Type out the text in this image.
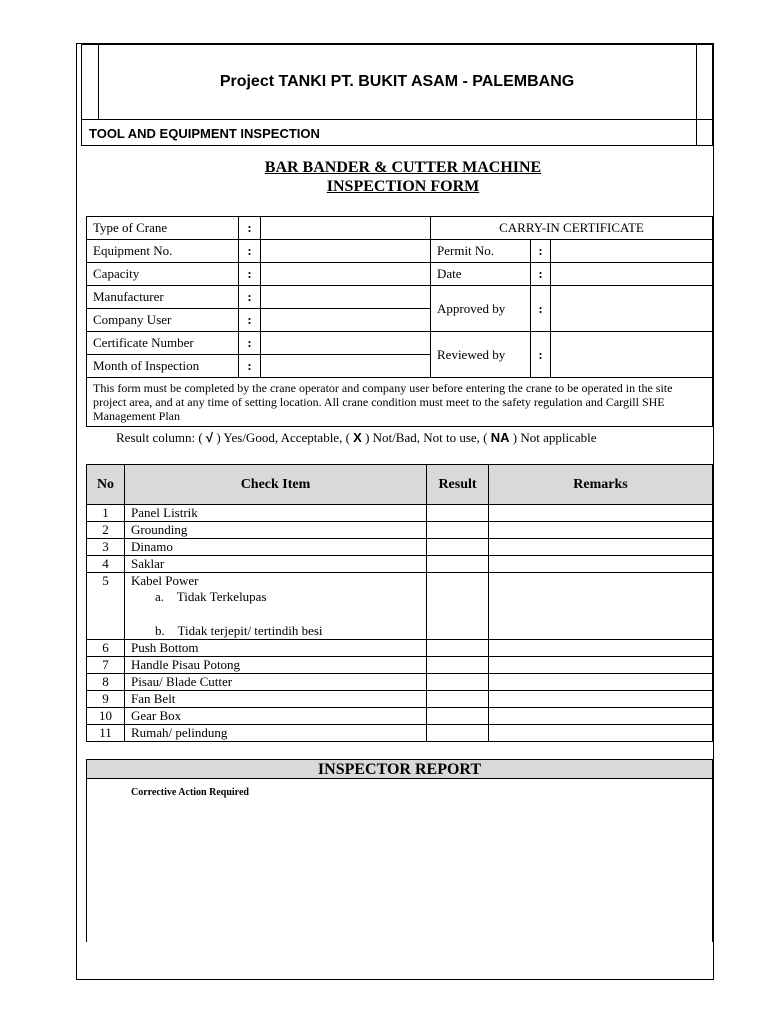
Project TANKI PT. BUKIT ASAM - PALEMBANG
TOOL AND EQUIPMENT INSPECTION
BAR BANDER & CUTTER MACHINE
INSPECTION FORM
Type of Crane	:		CARRY-IN CERTIFICATE		
Equipment No.	:		Permit No.	:	
Capacity	:		Date	:	
Manufacturer	:		Approved by	:	
Company User	:				
Certificate Number	:		Reviewed by	:	
Month of Inspection	:				
This form must be completed by the crane operator and company user before entering the crane to be operated in the site project area, and at any time of setting location. All crane condition must meet to the safety regulation and Cargill SHE Management Plan					
Result column: ( √ ) Yes/Good, Acceptable, ( X ) Not/Bad, Not to use, ( NA ) Not applicable
No	Check Item	Result	Remarks
1	Panel Listrik		
2	Grounding		
3	Dinamo		
4	Saklar		
5	Kabel Power
a.    Tidak Terkelupas
b.    Tidak terjepit/ tertindih besi		

6	Push Bottom		
7	Handle Pisau Potong		
8	Pisau/ Blade Cutter		
9	Fan Belt		
10	Gear Box		
11	Rumah/ pelindung		
INSPECTOR REPORT
Corrective Action Required
